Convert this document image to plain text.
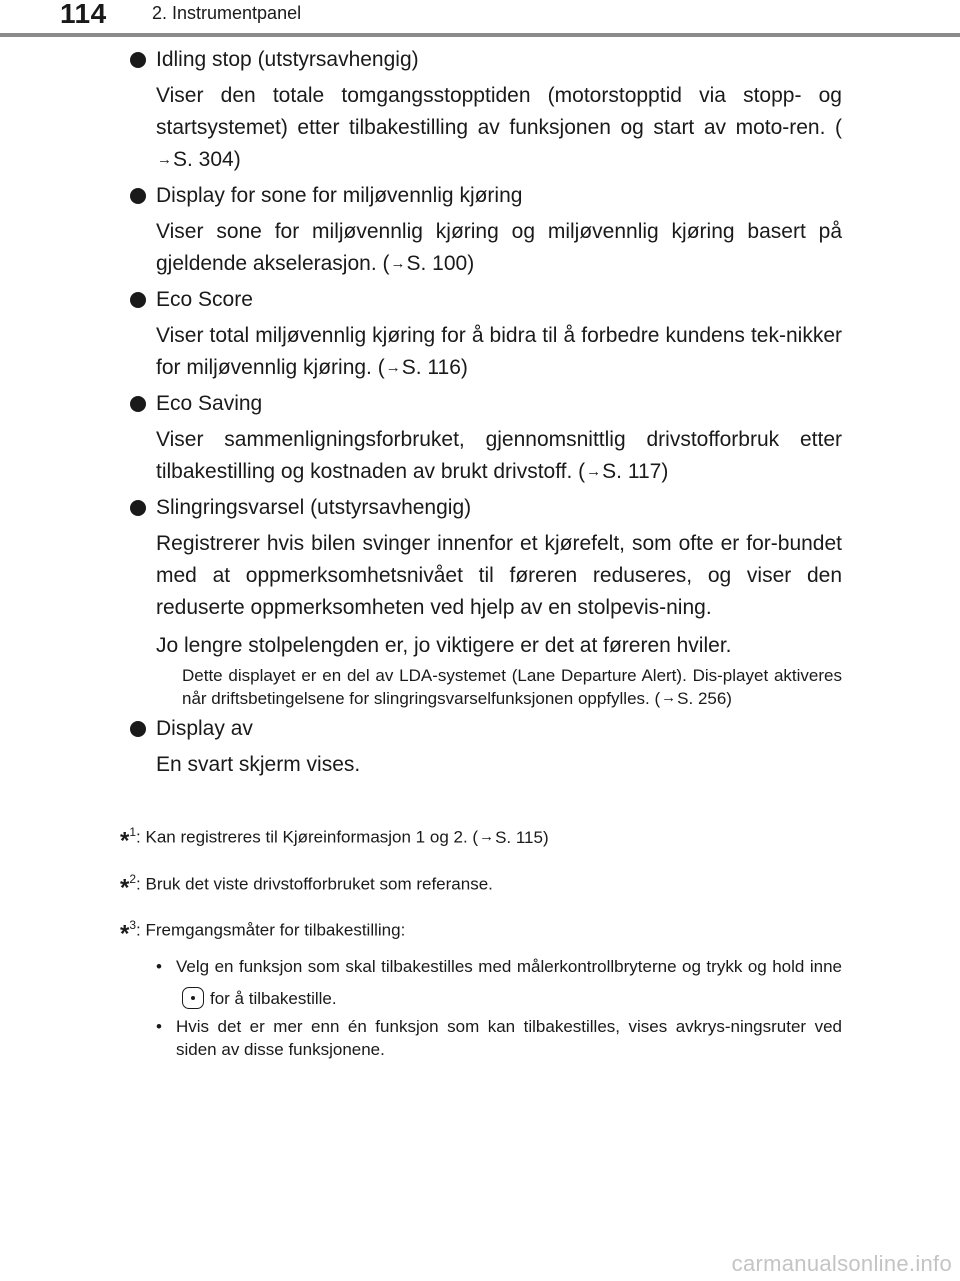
114	2. Instrumentpanel
Idling stop (utstyrsavhengig)
Viser den totale tomgangsstopptiden (motorstopptid via stopp- og startsystemet) etter tilbakestilling av funksjonen og start av moto-ren. (→S. 304)
Display for sone for miljøvennlig kjøring
Viser sone for miljøvennlig kjøring og miljøvennlig kjøring basert på gjeldende akselerasjon. (→S. 100)
Eco Score
Viser total miljøvennlig kjøring for å bidra til å forbedre kundens tek-nikker for miljøvennlig kjøring. (→S. 116)
Eco Saving
Viser sammenligningsforbruket, gjennomsnittlig drivstofforbruk etter tilbakestilling og kostnaden av brukt drivstoff. (→S. 117)
Slingringsvarsel (utstyrsavhengig)
Registrerer hvis bilen svinger innenfor et kjørefelt, som ofte er for-bundet med at oppmerksomhetsnivået til føreren reduseres, og viser den reduserte oppmerksomheten ved hjelp av en stolpevis-ning.
Jo lengre stolpelengden er, jo viktigere er det at føreren hviler.
Dette displayet er en del av LDA-systemet (Lane Departure Alert). Dis-playet aktiveres når driftsbetingelsene for slingringsvarselfunksjonen oppfylles. (→S. 256)
Display av
En svart skjerm vises.
*$^1$: Kan registreres til Kjøreinformasjon 1 og 2. (→S. 115)
*$^2$: Bruk det viste drivstofforbruket som referanse.
*$^3$: Fremgangsmåter for tilbakestilling:
• Velg en funksjon som skal tilbakestilles med målerkontrollbryterne og trykk og hold innefor å tilbakestille.
• Hvis det er mer enn én funksjon som kan tilbakestilles, vises avkrys-ningsruter ved siden av disse funksjonene.
carmanualsonline.info
